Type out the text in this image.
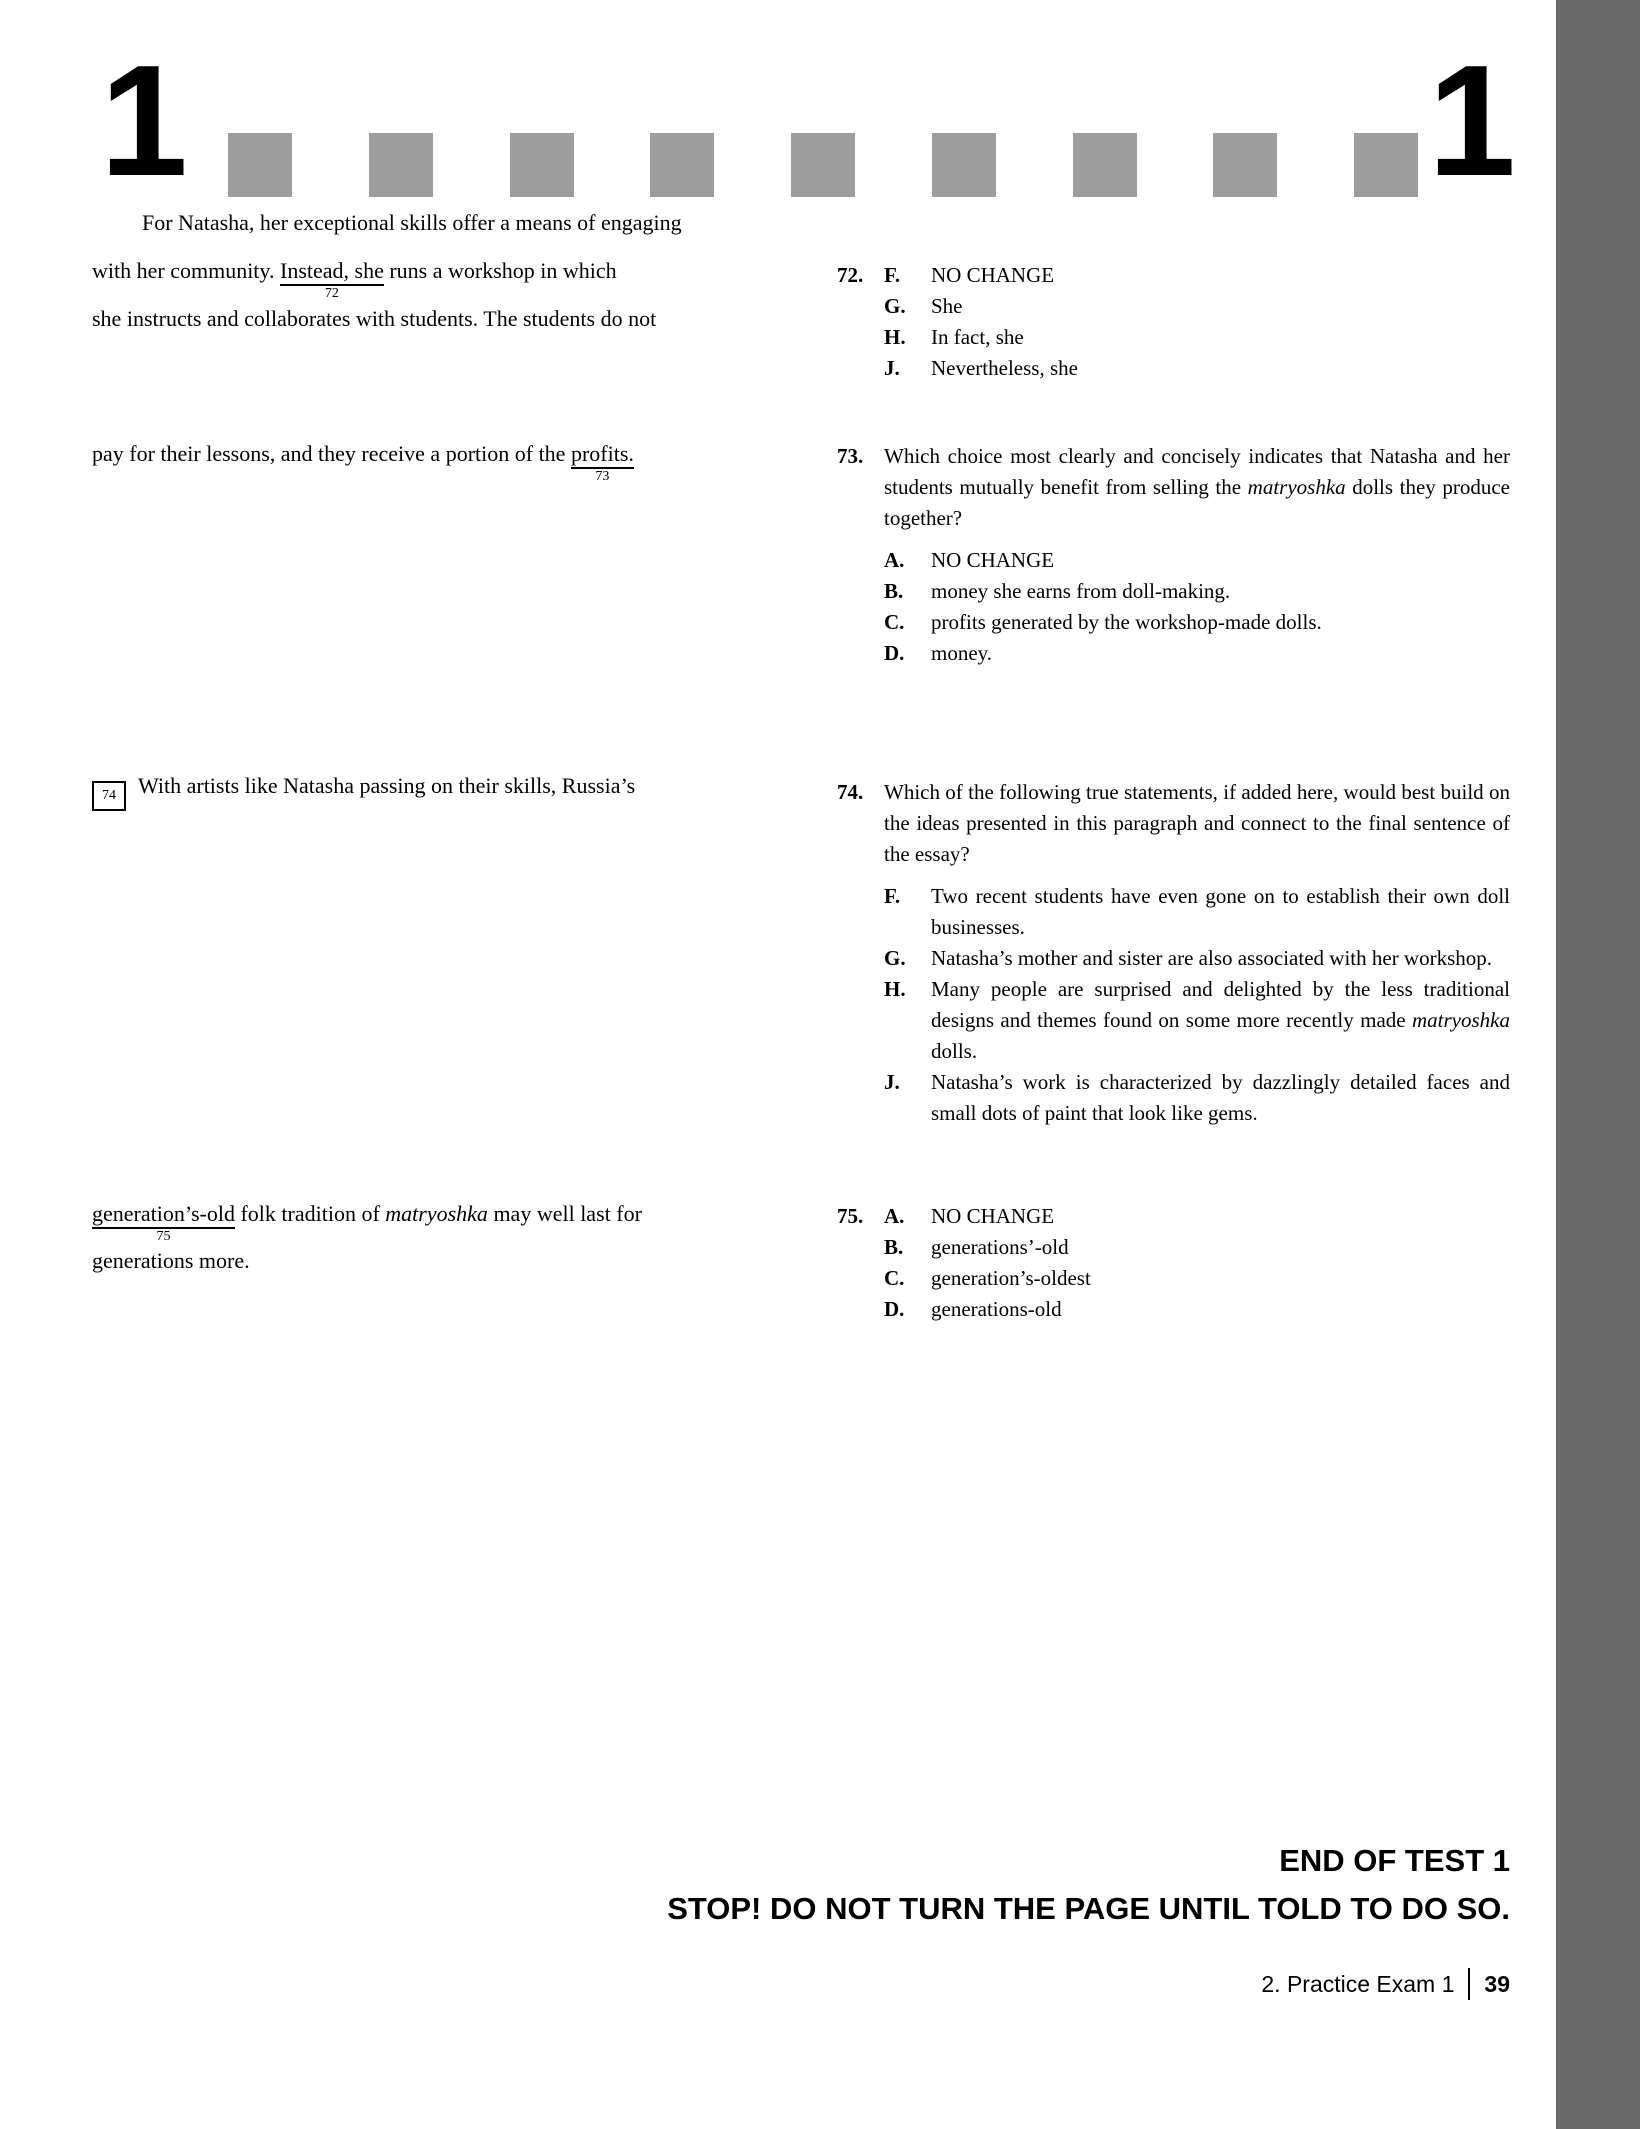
1	1
For Natasha, her exceptional skills offer a means of engaging
with her community. Instead, she
72
runs a workshop in which
she instructs and collaborates with students. The students do not
pay for their lessons, and they receive a portion of the profits.
73
74 With artists like Natasha passing on their skills, Russia’s
generation’s-old
75
folk tradition of matryoshka may well last for
generations more.
72. F.	NO CHANGE
G.	She
H.	In fact, she
J.	Nevertheless, she
73. Which choice most clearly and concisely indicates that Natasha and her students mutually benefit from selling the matryoshka dolls they produce together?
A.	NO CHANGE
B.	money she earns from doll-making.
C.	profits generated by the workshop-made dolls.
D.	money.
74. Which of the following true statements, if added here, would best build on the ideas presented in this paragraph and connect to the final sentence of the essay?
F.	Two recent students have even gone on to establish their own doll businesses.
G.	Natasha’s mother and sister are also associated with her workshop.
H.	Many people are surprised and delighted by the less traditional designs and themes found on some more recently made matryoshka dolls.
J.	Natasha’s work is characterized by dazzlingly detailed faces and small dots of paint that look like gems.
75. A.	NO CHANGE
B.	generations’-old
C.	generation’s-oldest
D.	generations-old
END OF TEST 1
STOP! DO NOT TURN THE PAGE UNTIL TOLD TO DO SO.
2. Practice Exam 1 39
